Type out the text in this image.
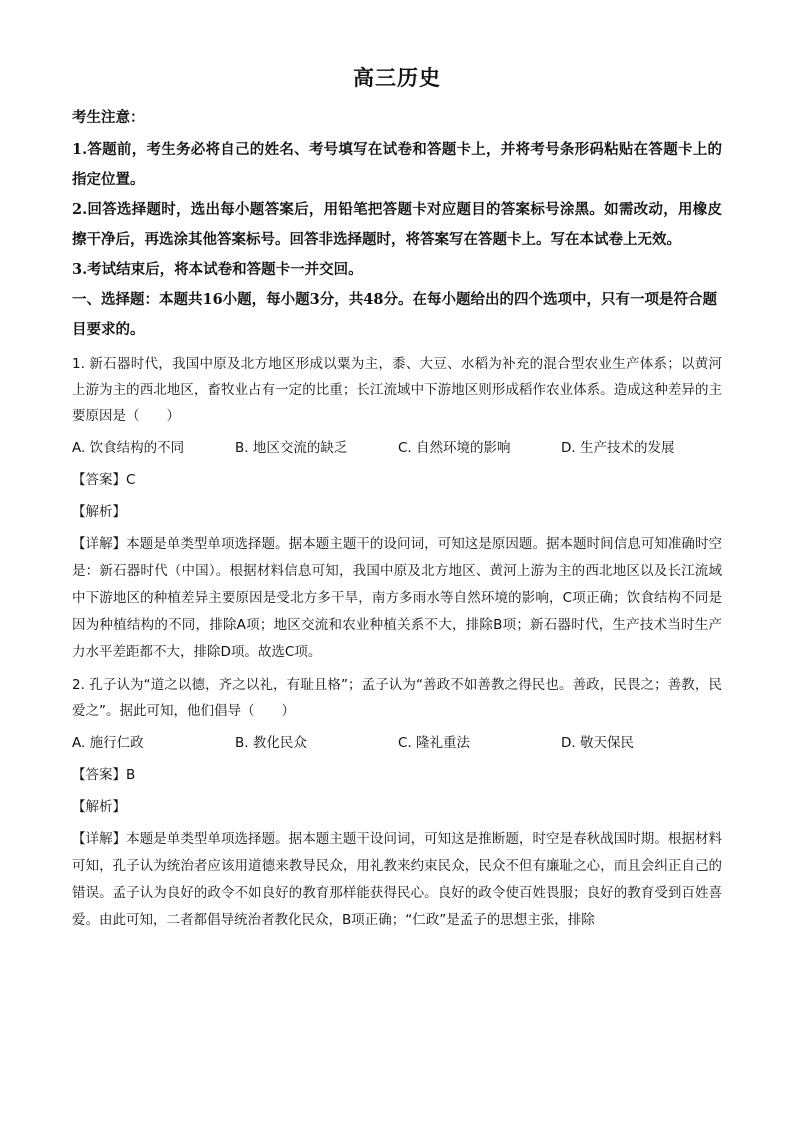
高三历史

考生注意：

1.答题前，考生务必将自己的姓名、考号填写在试卷和答题卡上，并将考号条形码粘贴在答题卡上的指定位置。

2.回答选择题时，选出每小题答案后，用铅笔把答题卡对应题目的答案标号涂黑。如需改动，用橡皮擦干净后，再选涂其他答案标号。回答非选择题时，将答案写在答题卡上。写在本试卷上无效。

3.考试结束后，将本试卷和答题卡一并交回。

一、选择题：本题共16小题，每小题3分，共48分。在每小题给出的四个选项中，只有一项是符合题目要求的。

1. 新石器时代，我国中原及北方地区形成以粟为主，黍、大豆、水稻为补充的混合型农业生产体系；以黄河上游为主的西北地区，畜牧业占有一定的比重；长江流域中下游地区则形成稻作农业体系。造成这种差异的主要原因是（　　）

A. 饮食结构的不同	B. 地区交流的缺乏	C. 自然环境的影响	D. 生产技术的发展

【答案】C

【解析】

【详解】本题是单类型单项选择题。据本题主题干的设问词，可知这是原因题。据本题时间信息可知准确时空是：新石器时代（中国）。根据材料信息可知，我国中原及北方地区、黄河上游为主的西北地区以及长江流域中下游地区的种植差异主要原因是受北方多干旱，南方多雨水等自然环境的影响，C项正确；饮食结构不同是因为种植结构的不同，排除A项；地区交流和农业种植关系不大，排除B项；新石器时代，生产技术当时生产力水平差距都不大，排除D项。故选C项。

2. 孔子认为“道之以德，齐之以礼，有耻且格”；孟子认为“善政不如善教之得民也。善政，民畏之；善教，民爱之”。据此可知，他们倡导（　　）

A. 施行仁政	B. 教化民众	C. 隆礼重法	D. 敬天保民

【答案】B

【解析】

【详解】本题是单类型单项选择题。据本题主题干设问词，可知这是推断题，时空是春秋战国时期。根据材料可知，孔子认为统治者应该用道德来教导民众，用礼教来约束民众，民众不但有廉耻之心，而且会纠正自己的错误。孟子认为良好的政令不如良好的教育那样能获得民心。良好的政令使百姓畏服；良好的教育受到百姓喜爱。由此可知，二者都倡导统治者教化民众，B项正确；“仁政”是孟子的思想主张，排除
